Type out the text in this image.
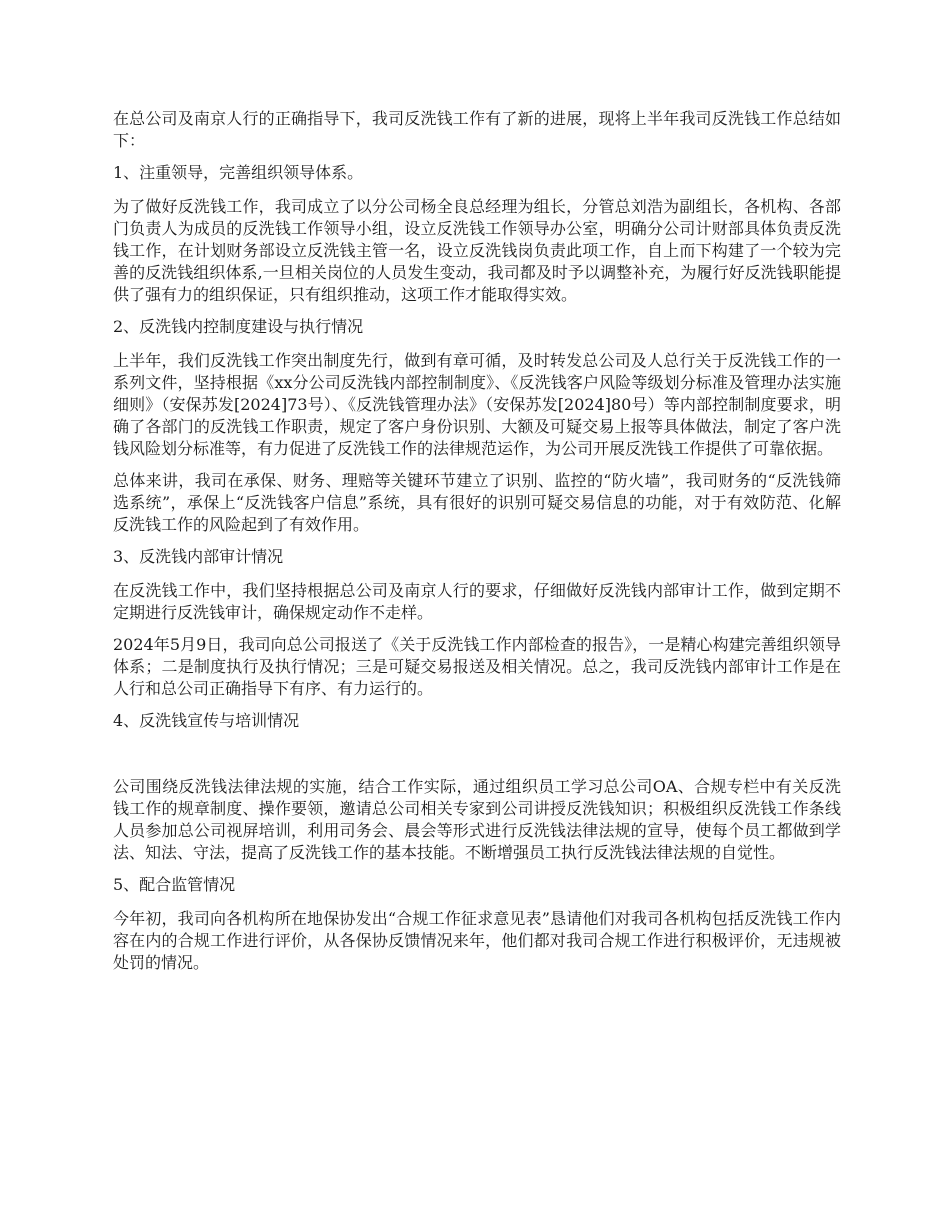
在总公司及南京人行的正确指导下，我司反洗钱工作有了新的进展，现将上半年我司反洗钱工作总结如下：

1、注重领导，完善组织领导体系。

为了做好反洗钱工作，我司成立了以分公司杨全良总经理为组长，分管总刘浩为副组长，各机构、各部门负责人为成员的反洗钱工作领导小组，设立反洗钱工作领导办公室，明确分公司计财部具体负责反洗钱工作，在计划财务部设立反洗钱主管一名，设立反洗钱岗负责此项工作，自上而下构建了一个较为完善的反洗钱组织体系,一旦相关岗位的人员发生变动，我司都及时予以调整补充，为履行好反洗钱职能提供了强有力的组织保证，只有组织推动，这项工作才能取得实效。

2、反洗钱内控制度建设与执行情况

上半年，我们反洗钱工作突出制度先行，做到有章可循，及时转发总公司及人总行关于反洗钱工作的一系列文件，坚持根据《xx分公司反洗钱内部控制制度》、《反洗钱客户风险等级划分标准及管理办法实施细则》（安保苏发[2024]73号）、《反洗钱管理办法》（安保苏发[2024]80号）等内部控制制度要求，明确了各部门的反洗钱工作职责，规定了客户身份识别、大额及可疑交易上报等具体做法，制定了客户洗钱风险划分标准等，有力促进了反洗钱工作的法律规范运作，为公司开展反洗钱工作提供了可靠依据。

总体来讲，我司在承保、财务、理赔等关键环节建立了识别、监控的“防火墙”，我司财务的“反洗钱筛选系统”，承保上“反洗钱客户信息”系统，具有很好的识别可疑交易信息的功能，对于有效防范、化解反洗钱工作的风险起到了有效作用。

3、反洗钱内部审计情况

在反洗钱工作中，我们坚持根据总公司及南京人行的要求，仔细做好反洗钱内部审计工作，做到定期不定期进行反洗钱审计，确保规定动作不走样。

2024年5月9日，我司向总公司报送了《关于反洗钱工作内部检查的报告》，一是精心构建完善组织领导体系；二是制度执行及执行情况；三是可疑交易报送及相关情况。总之，我司反洗钱内部审计工作是在人行和总公司正确指导下有序、有力运行的。

4、反洗钱宣传与培训情况

公司围绕反洗钱法律法规的实施，结合工作实际，通过组织员工学习总公司OA、合规专栏中有关反洗钱工作的规章制度、操作要领，邀请总公司相关专家到公司讲授反洗钱知识；积极组织反洗钱工作条线人员参加总公司视屏培训，利用司务会、晨会等形式进行反洗钱法律法规的宣导，使每个员工都做到学法、知法、守法，提高了反洗钱工作的基本技能。不断增强员工执行反洗钱法律法规的自觉性。

5、配合监管情况

今年初，我司向各机构所在地保协发出“合规工作征求意见表”恳请他们对我司各机构包括反洗钱工作内容在内的合规工作进行评价，从各保协反馈情况来年，他们都对我司合规工作进行积极评价，无违规被处罚的情况。
